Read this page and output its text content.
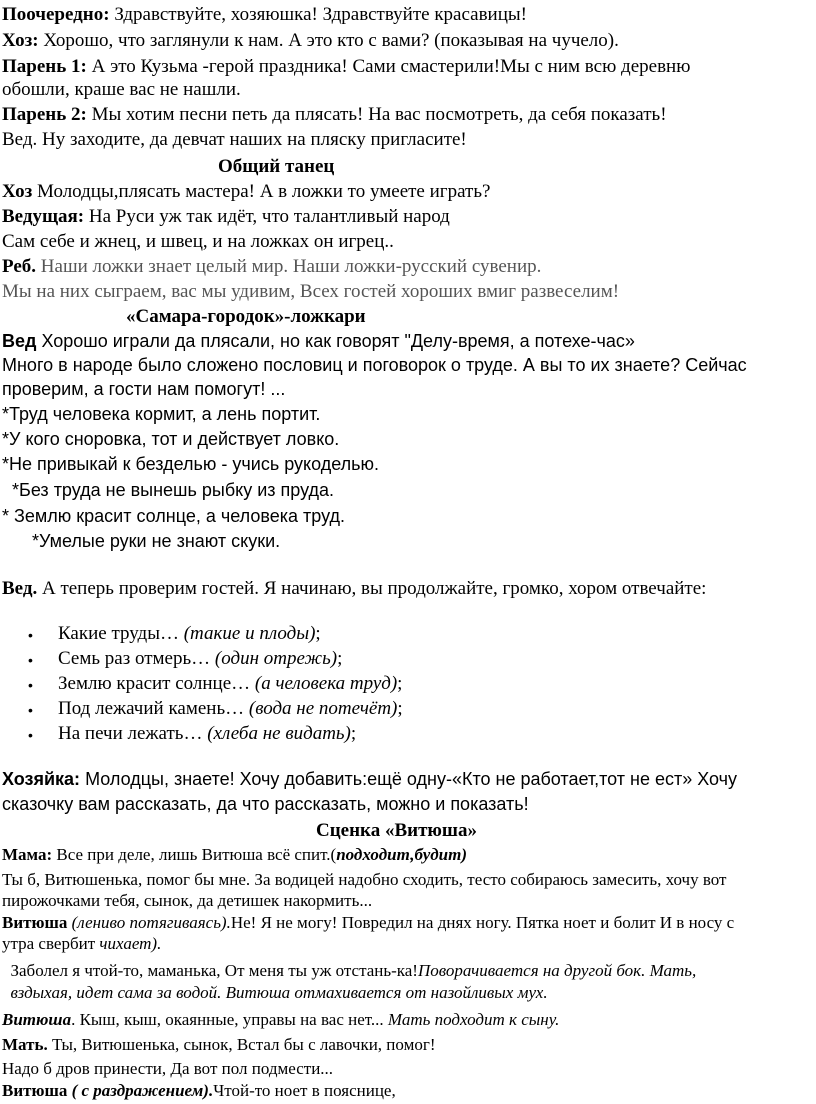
Поочередно: Здравствуйте, хозяюшка! Здравствуйте красавицы!
Хоз: Хорошо, что заглянули к нам. А это кто с вами? (показывая на чучело).
Парень 1: А это Кузьма -герой праздника! Сами смастерили!Мы с ним всю деревню
обошли, краше вас не нашли.
Парень 2: Мы хотим песни петь да плясать! На вас посмотреть, да себя показать!
Вед. Ну заходите, да девчат наших на пляску пригласите!
Общий танец
Хоз Молодцы,плясать мастера! А в ложки то умеете играть?
Ведущая: На Руси уж так идёт, что талантливый народ
Сам себе и жнец, и швец, и на ложках он игрец..
Реб. Наши ложки знает целый мир. Наши ложки-русский сувенир.
Мы на них сыграем, вас мы удивим, Всех гостей хороших вмиг развеселим!
«Самара-городок»-ложкари
Вед Хорошо играли да плясали, но как говорят "Делу-время, а потехе-час»
Много в народе было сложено пословиц и поговорок о труде. А вы то их знаете? Сейчас
проверим, а гости нам помогут! ...
*Труд человека кормит, а лень портит.
*У кого сноровка, тот и действует ловко.
*Не привыкай к безделью - учись рукоделью.
*Без труда не вынешь рыбку из пруда.
* Землю красит солнце, а человека труд.
*Умелые руки не знают скуки.
Вед. А теперь проверим гостей. Я начинаю, вы продолжайте, громко, хором отвечайте:
• Какие труды… (такие и плоды);
• Семь раз отмерь… (один отрежь);
• Землю красит солнце… (а человека труд);
• Под лежачий камень… (вода не потечёт);
• На печи лежать… (хлеба не видать);
Хозяйка: Молодцы, знаете! Хочу добавить:ещё одну-«Кто не работает,тот не ест» Хочу
сказочку вам рассказать, да что рассказать, можно и показать!
Сценка «Витюша»
Мама: Все при деле, лишь Витюша всё спит.(подходит,будит)
Ты б, Витюшенька, помог бы мне. За водицей надобно сходить, тесто собираюсь замесить, хочу вот
пирожочками тебя, сынок, да детишек накормить...
Витюша (лениво потягиваясь).Не! Я не могу! Повредил на днях ногу. Пятка ноет и болит И в носу с
утра свербит чихает).
Заболел я чтой-то, маманька, От меня ты уж отстань-ка!Поворачивается на другой бок. Мать,
вздыхая, идет сама за водой. Витюша отмахивается от назойливых мух.
Витюша. Кыш, кыш, окаянные, управы на вас нет... Мать подходит к сыну.
Мать. Ты, Витюшенька, сынок, Встал бы с лавочки, помог!
Надо б дров принести, Да вот пол подмести...
Витюша ( с раздражением).Чтой-то ноет в пояснице,
